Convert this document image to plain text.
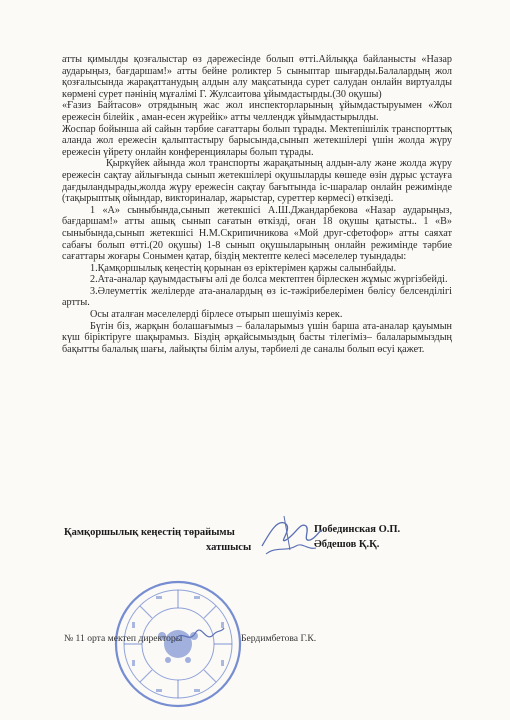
атты қимылды қозғалыстар өз дәрежесінде болып өтті.Айлыққа байланысты «Назар аударыңыз, бағдаршам!» атты бейне роликтер 5 сыныптар шығарды.Балалардың жол қозғалысында жарақаттанудың алдын алу мақсатында сурет салудан онлайн виртуалды көрмені сурет пәнінің мұғалімі Г. Жулсаитова ұйымдастырды.(30 оқушы)

«Ғазиз Байтасов» отрядының жас жол инспекторларының ұйымдастыруымен «Жол ережесін білейік , аман-есен жүрейік» атты челлендж ұйымдастырылды.

Жоспар бойынша ай сайын тәрбие сағаттары болып тұрады. Мектепішілік транспорттық аланда жол ережесін қалыптастыру барысында,сынып жетекшілері үшін жолда жүру ережесін үйрету онлайн конференциялары болып тұрады.

Қыркүйек айында жол транспорты жарақатының алдын-алу және жолда жүру ережесін сақтау айлығында сынып жетекшілері оқушыларды көшеде өзін дұрыс ұстауға дағдыландырады,жолда жүру ережесін сақтау бағытында іс-шаралар онлайн режимінде (тақырыптық ойындар, викториналар, жарыстар, суреттер көрмесі) өткізеді.

1 «А» сыныбында,сынып жетекшісі А.Ш.Джандарбекова «Назар аударыңыз, бағдаршам!» атты ашық сынып сағатын өткізді, оған 18 оқушы қатысты.. 1 «В» сыныбында,сынып жетекшісі Н.М.Скрипичникова «Мой друг-сфетофор» атты саяхат сабағы болып өтті.(20 оқушы) 1-8 сынып оқушыларының онлайн режимінде тәрбие сағаттары жоғары Сонымен қатар, біздің мектепте келесі мәселелер туындады:

1.Қамқоршылық кеңестің қорынан өз еріктерімен қаржы салынбайды.

2.Ата-аналар қауымдастығы әлі де болса мектептен бірлескен жұмыс жүргізбейді.

3.Әлеуметтік желілерде ата-аналардың өз іс-тәжірибелерімен бөлісу белсенділігі артты.

Осы аталған мәселелерді бірлесе отырып шешуіміз керек.

Бүгін біз, жарқын болашағымыз – балаларымыз үшін барша ата-аналар қауымын күш біріктіруге шақырамыз. Біздің әрқайсымыздың басты тілегіміз– балаларымыздың бақытты балалық шағы, лайықты білім алуы, тәрбиелі де саналы болып өсуі қажет.

Қамқоршылық кеңестің төрайымы
хатшысы
Побединская О.П.
Әбдешов Қ.Қ.
№ 11 орта мектеп директоры	Бердимбетова Г.К.
